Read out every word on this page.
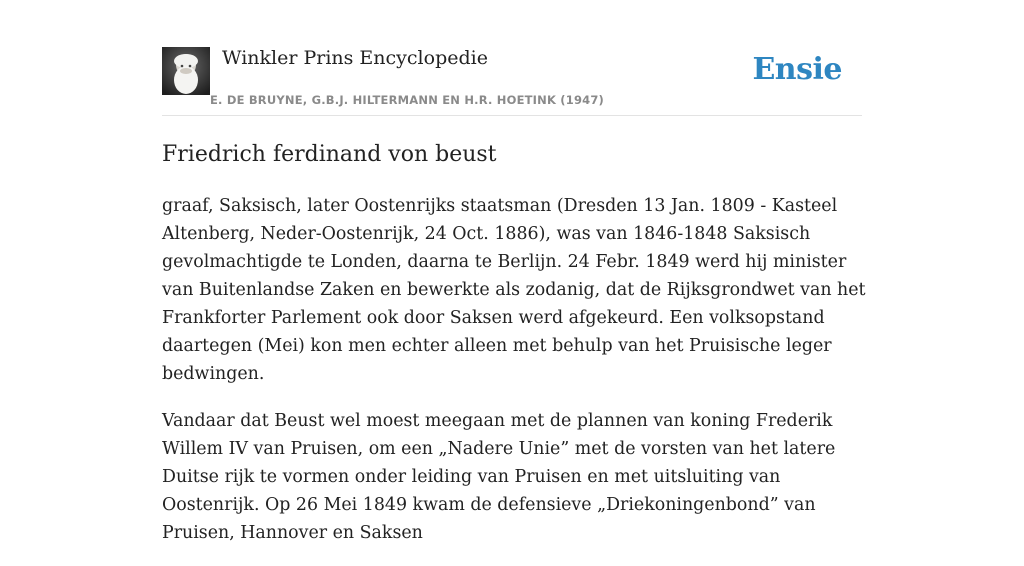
Winkler Prins Encyclopedie
E. DE BRUYNE, G.B.J. HILTERMANN EN H.R. HOETINK (1947)
Ensie
Friedrich ferdinand von beust

graaf, Saksisch, later Oostenrijks staatsman (Dresden 13 Jan. 1809 - Kasteel Altenberg, Neder-Oostenrijk, 24 Oct. 1886), was van 1846-1848 Saksisch gevolmachtigde te Londen, daarna te Berlijn. 24 Febr. 1849 werd hij minister van Buitenlandse Zaken en bewerkte als zodanig, dat de Rijksgrondwet van het Frankforter Parlement ook door Saksen werd afgekeurd. Een volksopstand daartegen (Mei) kon men echter alleen met behulp van het Pruisische leger bedwingen.

Vandaar dat Beust wel moest meegaan met de plannen van koning Frederik Willem IV van Pruisen, om een „Nadere Unie” met de vorsten van het latere Duitse rijk te vormen onder leiding van Pruisen en met uitsluiting van Oostenrijk. Op 26 Mei 1849 kwam de defensieve „Driekoningenbond” van Pruisen, Hannover en Saksen
